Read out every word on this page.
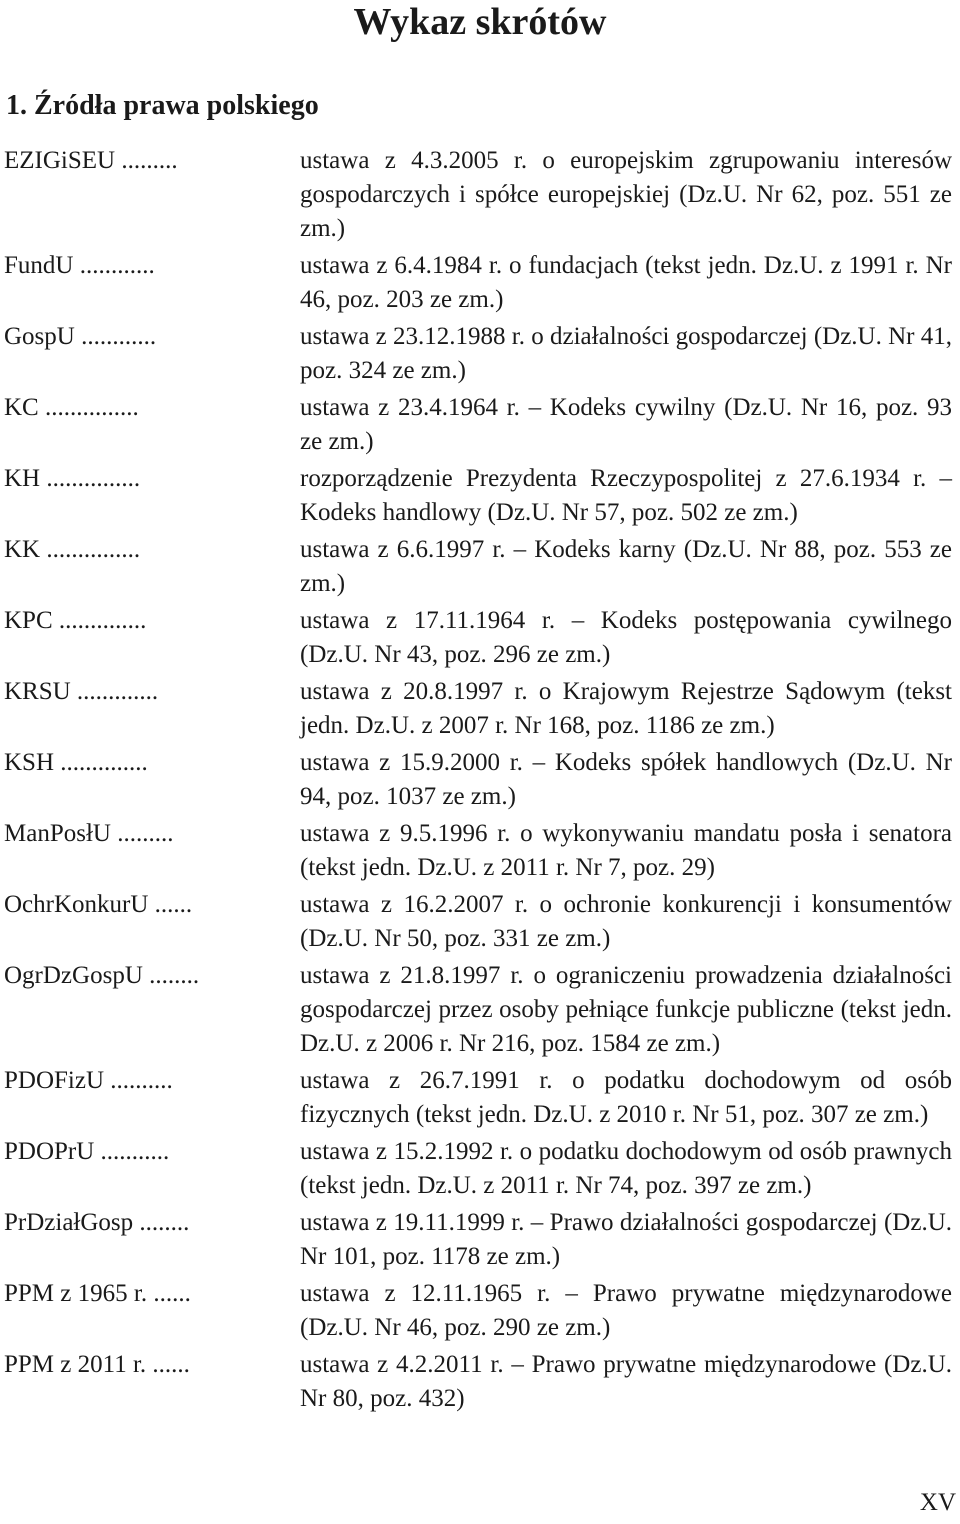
Wykaz skrótów
1. Źródła prawa polskiego
EZIGiSEU .........	ustawa z 4.3.2005 r. o europejskim zgrupowaniu interesów gospodarczych i spółce europejskiej (Dz.U. Nr 62, poz. 551 ze zm.)
FundU ............	ustawa z 6.4.1984 r. o fundacjach (tekst jedn. Dz.U. z 1991 r. Nr 46, poz. 203 ze zm.)
GospU ............	ustawa z 23.12.1988 r. o działalności gospodarczej (Dz.U. Nr 41, poz. 324 ze zm.)
KC ...............	ustawa z 23.4.1964 r. – Kodeks cywilny (Dz.U. Nr 16, poz. 93 ze zm.)
KH ...............	rozporządzenie Prezydenta Rzeczypospolitej z 27.6.1934 r. – Kodeks handlowy (Dz.U. Nr 57, poz. 502 ze zm.)
KK ...............	ustawa z 6.6.1997 r. – Kodeks karny (Dz.U. Nr 88, poz. 553 ze zm.)
KPC ..............	ustawa z 17.11.1964 r. – Kodeks postępowania cywilnego (Dz.U. Nr 43, poz. 296 ze zm.)
KRSU .............	ustawa z 20.8.1997 r. o Krajowym Rejestrze Sądowym (tekst jedn. Dz.U. z 2007 r. Nr 168, poz. 1186 ze zm.)
KSH ..............	ustawa z 15.9.2000 r. – Kodeks spółek handlowych (Dz.U. Nr 94, poz. 1037 ze zm.)
ManPosłU .........	ustawa z 9.5.1996 r. o wykonywaniu mandatu posła i senatora (tekst jedn. Dz.U. z 2011 r. Nr 7, poz. 29)
OchrKonkurU ......	ustawa z 16.2.2007 r. o ochronie konkurencji i konsumentów (Dz.U. Nr 50, poz. 331 ze zm.)
OgrDzGospU ........	ustawa z 21.8.1997 r. o ograniczeniu prowadzenia działalności gospodarczej przez osoby pełniące funkcje publiczne (tekst jedn. Dz.U. z 2006 r. Nr 216, poz. 1584 ze zm.)
PDOFizU ..........	ustawa z 26.7.1991 r. o podatku dochodowym od osób fizycznych (tekst jedn. Dz.U. z 2010 r. Nr 51, poz. 307 ze zm.)
PDOPrU ...........	ustawa z 15.2.1992 r. o podatku dochodowym od osób prawnych (tekst jedn. Dz.U. z 2011 r. Nr 74, poz. 397 ze zm.)
PrDziałGosp ........	ustawa z 19.11.1999 r. – Prawo działalności gospodarczej (Dz.U. Nr 101, poz. 1178 ze zm.)
PPM z 1965 r. ......	ustawa z 12.11.1965 r. – Prawo prywatne międzynarodowe (Dz.U. Nr 46, poz. 290 ze zm.)
PPM z 2011 r. ......	ustawa z 4.2.2011 r. – Prawo prywatne międzynarodowe (Dz.U. Nr 80, poz. 432)
XV
